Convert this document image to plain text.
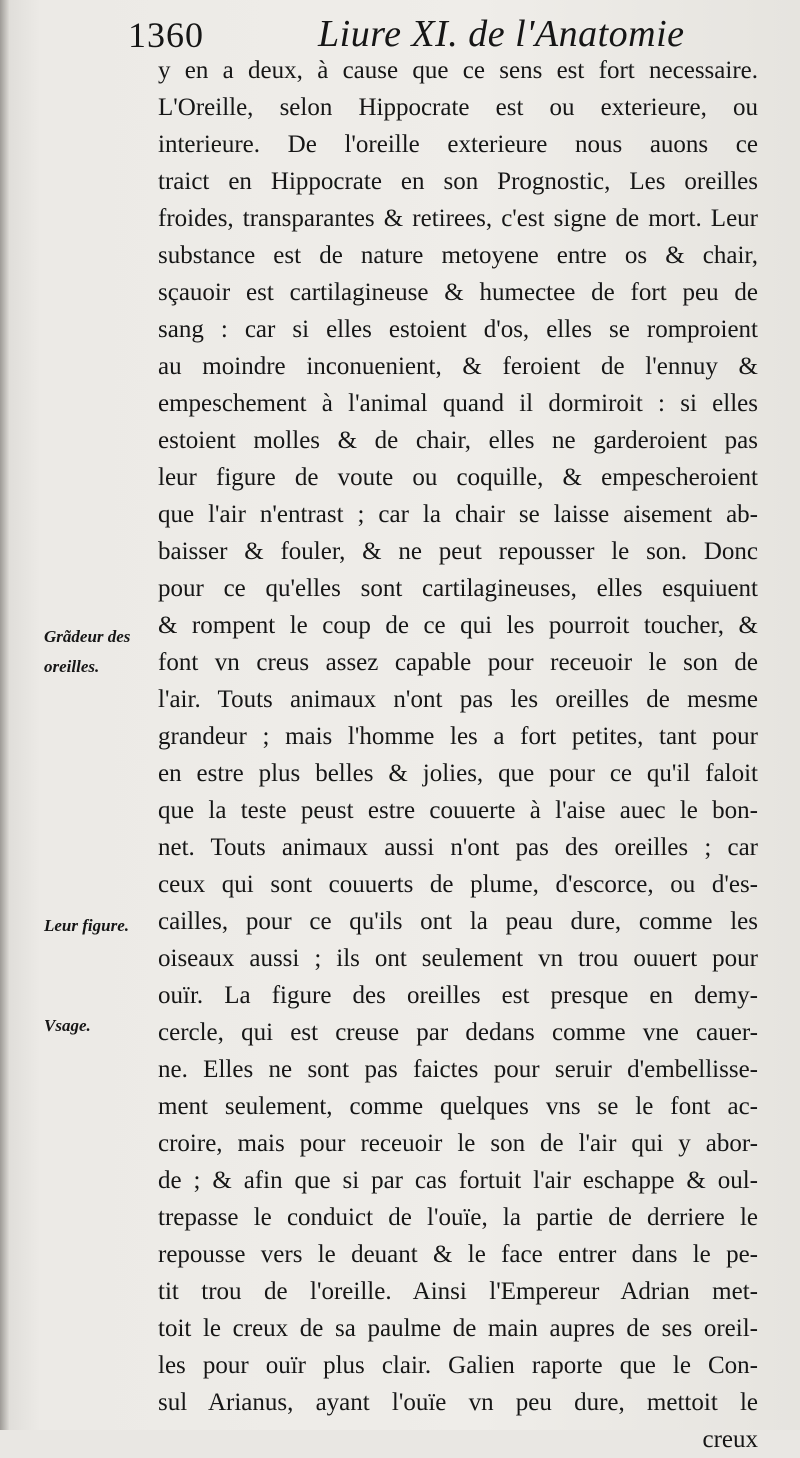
1360	Liure XI. de l'Anatomie
y en a deux, à cause que ce sens est fort necessaire.
L'Oreille, selon Hippocrate est ou exterieure, ou
interieure. De l'oreille exterieure nous auons ce
traict en Hippocrate en son Prognostic, Les oreilles
froides, transparantes & retirees, c'est signe de mort. Leur
substance est de nature metoyene entre os & chair,
sçauoir est cartilagineuse & humectee de fort peu de
sang : car si elles estoient d'os, elles se romproient
au moindre inconuenient, & feroient de l'ennuy &
empeschement à l'animal quand il dormiroit : si elles
estoient molles & de chair, elles ne garderoient pas
leur figure de voute ou coquille, & empescheroient
que l'air n'entrast ; car la chair se laisse aisement ab-
baisser & fouler, & ne peut repousser le son. Donc
pour ce qu'elles sont cartilagineuses, elles esquiuent
& rompent le coup de ce qui les pourroit toucher, &
font vn creus assez capable pour receuoir le son de
l'air. Touts animaux n'ont pas les oreilles de mesme
grandeur ; mais l'homme les a fort petites, tant pour
en estre plus belles & jolies, que pour ce qu'il faloit
que la teste peust estre couuerte à l'aise auec le bon-
net. Touts animaux aussi n'ont pas des oreilles ; car
ceux qui sont couuerts de plume, d'escorce, ou d'es-
cailles, pour ce qu'ils ont la peau dure, comme les
oiseaux aussi ; ils ont seulement vn trou ouuert pour
ouïr. La figure des oreilles est presque en demy-
cercle, qui est creuse par dedans comme vne cauer-
ne. Elles ne sont pas faictes pour seruir d'embellisse-
ment seulement, comme quelques vns se le font ac-
croire, mais pour receuoir le son de l'air qui y abor-
de ; & afin que si par cas fortuit l'air eschappe & oul-
trepasse le conduict de l'ouïe, la partie de derriere le
repousse vers le deuant & le face entrer dans le pe-
tit trou de l'oreille. Ainsi l'Empereur Adrian met-
toit le creux de sa paulme de main aupres de ses oreil-
les pour ouïr plus clair. Galien raporte que le Con-
sul Arianus, ayant l'ouïe vn peu dure, mettoit le
creux
Grãdeur des
oreilles.
Leur figure.
Vsage.
